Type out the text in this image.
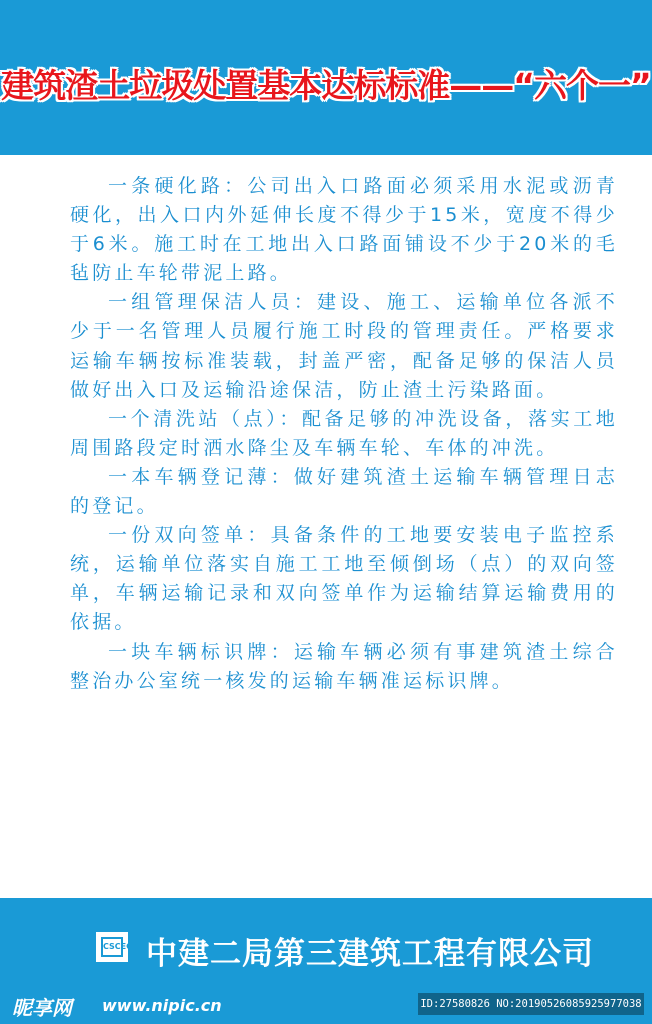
建筑渣土垃圾处置基本达标标准——“六个一”

一条硬化路：公司出入口路面必须采用水泥或沥青硬化，出入口内外延伸长度不得少于15米，宽度不得少于6米。施工时在工地出入口路面铺设不少于20米的毛毡防止车轮带泥上路。

一组管理保洁人员：建设、施工、运输单位各派不少于一名管理人员履行施工时段的管理责任。严格要求运输车辆按标准装载，封盖严密，配备足够的保洁人员做好出入口及运输沿途保洁，防止渣土污染路面。

一个清洗站（点）：配备足够的冲洗设备，落实工地周围路段定时洒水降尘及车辆车轮、车体的冲洗。

一本车辆登记薄：做好建筑渣土运输车辆管理日志的登记。

一份双向签单：具备条件的工地要安装电子监控系统，运输单位落实自施工工地至倾倒场（点）的双向签单，车辆运输记录和双向签单作为运输结算运输费用的依据。

一块车辆标识牌：运输车辆必须有事建筑渣土综合整治办公室统一核发的运输车辆准运标识牌。

CSCEC 中建二局第三建筑工程有限公司
昵享网 www.nipic.cn	ID:27580826 NO:20190526085925977038
